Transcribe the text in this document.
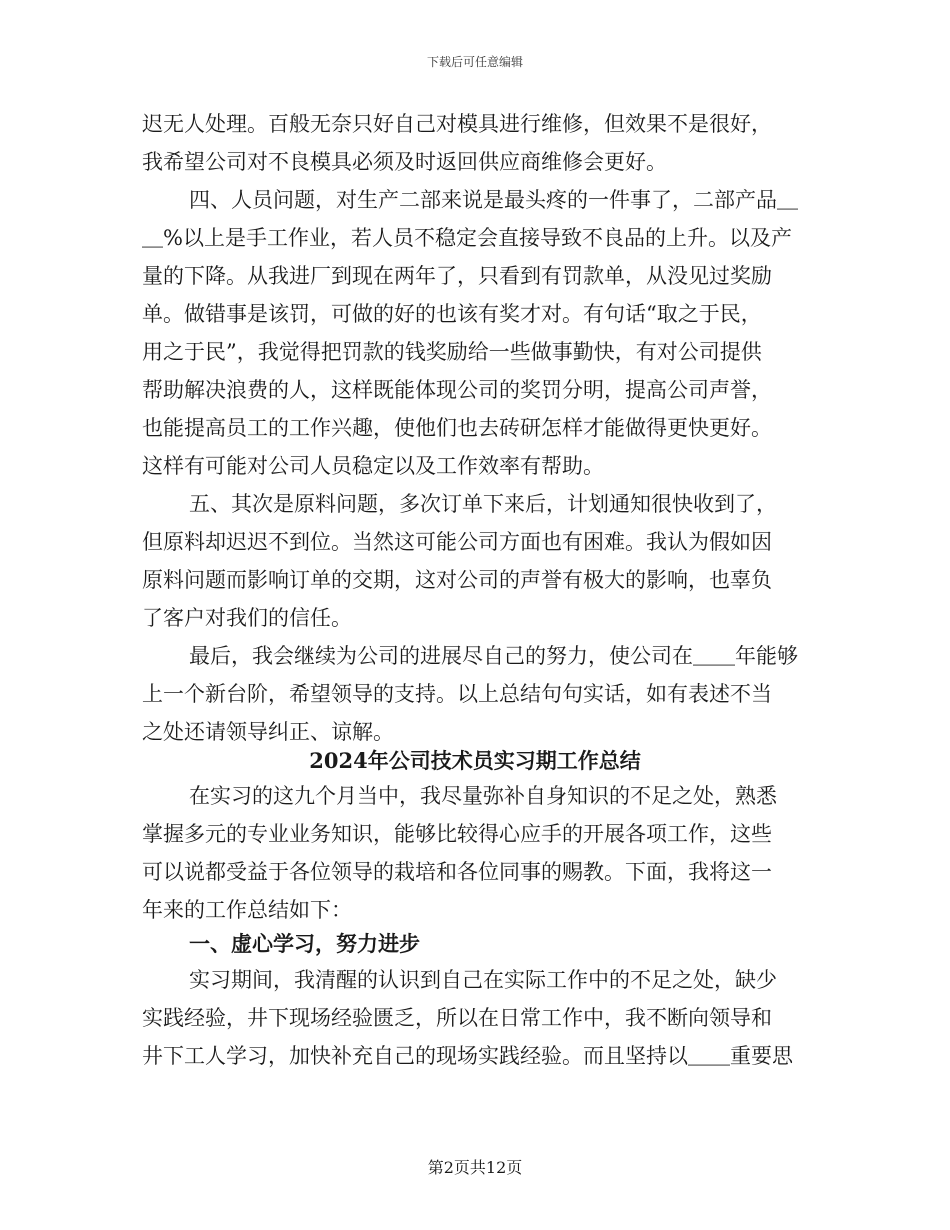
下载后可任意编辑
迟无人处理。百般无奈只好自己对模具进行维修，但效果不是很好，
我希望公司对不良模具必须及时返回供应商维修会更好。
四、人员问题，对生产二部来说是最头疼的一件事了，二部产品＿
＿%以上是手工作业，若人员不稳定会直接导致不良品的上升。以及产
量的下降。从我进厂到现在两年了，只看到有罚款单，从没见过奖励
单。做错事是该罚，可做的好的也该有奖才对。有句话“取之于民，
用之于民”，我觉得把罚款的钱奖励给一些做事勤快，有对公司提供
帮助解决浪费的人，这样既能体现公司的奖罚分明，提高公司声誉，
也能提高员工的工作兴趣，使他们也去砖研怎样才能做得更快更好。
这样有可能对公司人员稳定以及工作效率有帮助。
五、其次是原料问题，多次订单下来后，计划通知很快收到了，
但原料却迟迟不到位。当然这可能公司方面也有困难。我认为假如因
原料问题而影响订单的交期，这对公司的声誉有极大的影响，也辜负
了客户对我们的信任。
最后，我会继续为公司的进展尽自己的努力，使公司在＿＿年能够
上一个新台阶，希望领导的支持。以上总结句句实话，如有表述不当
之处还请领导纠正、谅解。
2024年公司技术员实习期工作总结
在实习的这九个月当中，我尽量弥补自身知识的不足之处，熟悉
掌握多元的专业业务知识，能够比较得心应手的开展各项工作，这些
可以说都受益于各位领导的栽培和各位同事的赐教。下面，我将这一
年来的工作总结如下：
一、虚心学习，努力进步
实习期间，我清醒的认识到自己在实际工作中的不足之处，缺少
实践经验，井下现场经验匮乏，所以在日常工作中，我不断向领导和
井下工人学习，加快补充自己的现场实践经验。而且坚持以＿＿重要思
第2页共12页
